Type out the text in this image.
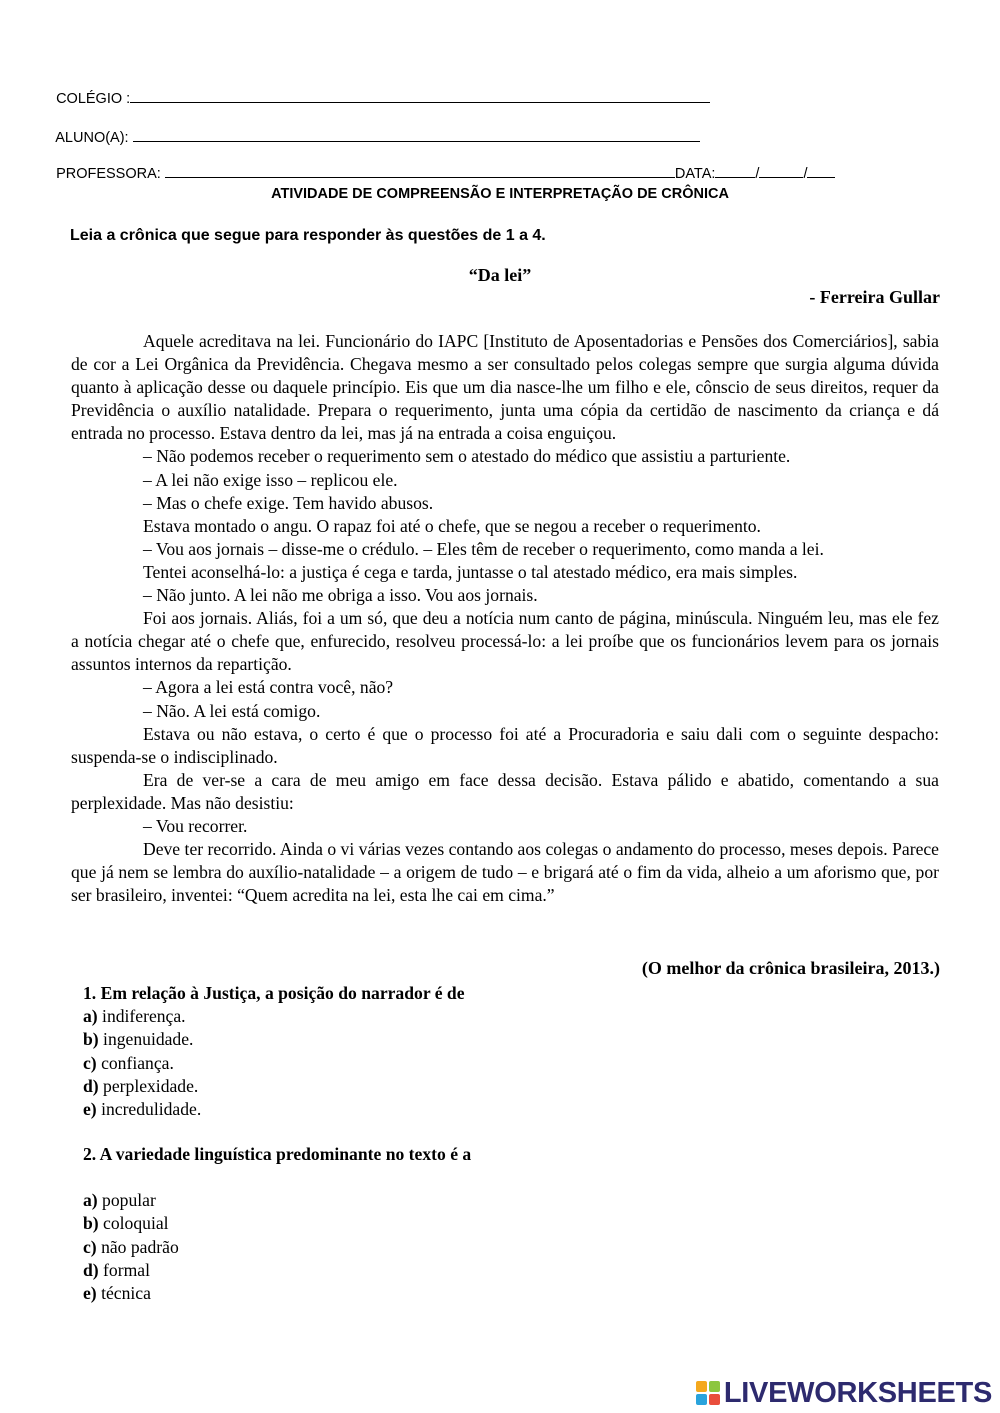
COLÉGIO :

ALUNO(A):

PROFESSORA:	DATA:	/	/

ATIVIDADE DE COMPREENSÃO E INTERPRETAÇÃO DE CRÔNICA
Leia a crônica que segue para responder às questões de 1 a 4.
“Da lei”
- Ferreira Gullar

Aquele acreditava na lei. Funcionário do IAPC [Instituto de Aposentadorias e Pensões dos Comerciários], sabia de cor a Lei Orgânica da Previdência. Chegava mesmo a ser consultado pelos colegas sempre que surgia alguma dúvida quanto à aplicação desse ou daquele princípio. Eis que um dia nasce-lhe um filho e ele, cônscio de seus direitos, requer da Previdência o auxílio natalidade. Prepara o requerimento, junta uma cópia da certidão de nascimento da criança e dá entrada no processo. Estava dentro da lei, mas já na entrada a coisa enguiçou.

– Não podemos receber o requerimento sem o atestado do médico que assistiu a parturiente.

– A lei não exige isso – replicou ele.

– Mas o chefe exige. Tem havido abusos.

Estava montado o angu. O rapaz foi até o chefe, que se negou a receber o requerimento.

– Vou aos jornais – disse-me o crédulo. – Eles têm de receber o requerimento, como manda a lei.

Tentei aconselhá-lo: a justiça é cega e tarda, juntasse o tal atestado médico, era mais simples.

– Não junto. A lei não me obriga a isso. Vou aos jornais.

Foi aos jornais. Aliás, foi a um só, que deu a notícia num canto de página, minúscula. Ninguém leu, mas ele fez a notícia chegar até o chefe que, enfurecido, resolveu processá-lo: a lei proíbe que os funcionários levem para os jornais assuntos internos da repartição.

– Agora a lei está contra você, não?

– Não. A lei está comigo.

Estava ou não estava, o certo é que o processo foi até a Procuradoria e saiu dali com o seguinte despacho: suspenda-se o indisciplinado.

Era de ver-se a cara de meu amigo em face dessa decisão. Estava pálido e abatido, comentando a sua perplexidade. Mas não desistiu:

– Vou recorrer.

Deve ter recorrido. Ainda o vi várias vezes contando aos colegas o andamento do processo, meses depois. Parece que já nem se lembra do auxílio-natalidade – a origem de tudo – e brigará até o fim da vida, alheio a um aforismo que, por ser brasileiro, inventei: “Quem acredita na lei, esta lhe cai em cima.”

(O melhor da crônica brasileira, 2013.)
1. Em relação à Justiça, a posição do narrador é de
a) indiferença.
b) ingenuidade.
c) confiança.
d) perplexidade.
e) incredulidade.
2. A variedade linguística predominante no texto é a
a) popular
b) coloquial
c) não padrão
d) formal
e) técnica
LIVEWORKSHEETS
